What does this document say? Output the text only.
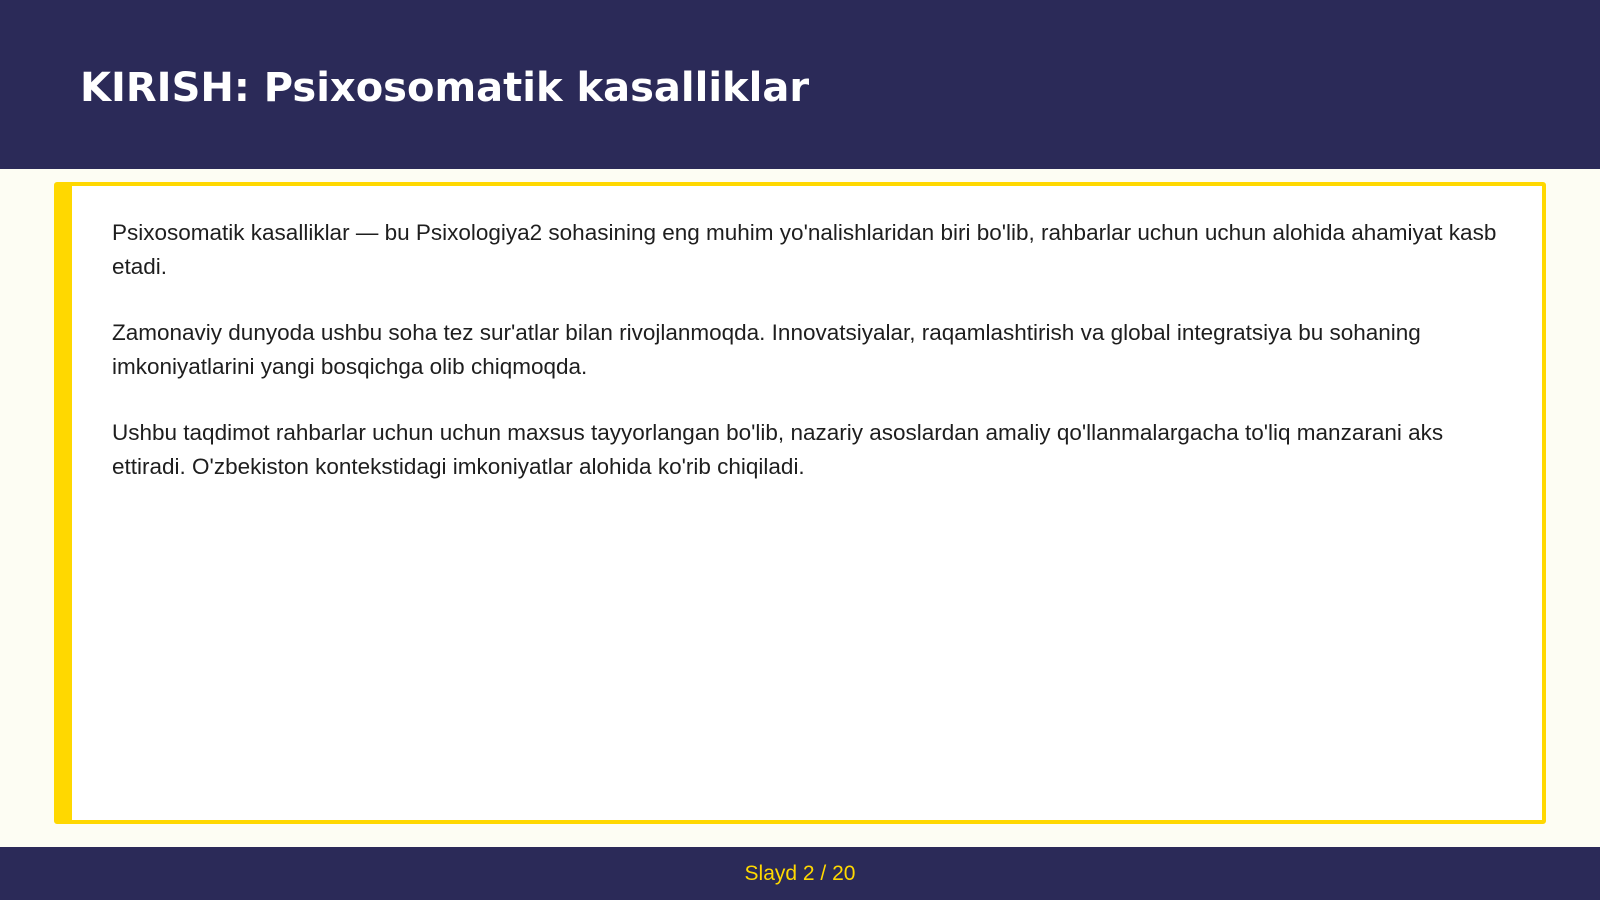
KIRISH: Psixosomatik kasalliklar

Psixosomatik kasalliklar — bu Psixologiya2 sohasining eng muhim yo'nalishlaridan biri bo'lib, rahbarlar uchun uchun alohida ahamiyat kasb etadi.

Zamonaviy dunyoda ushbu soha tez sur'atlar bilan rivojlanmoqda. Innovatsiyalar, raqamlashtirish va global integratsiya bu sohaning imkoniyatlarini yangi bosqichga olib chiqmoqda.

Ushbu taqdimot rahbarlar uchun uchun maxsus tayyorlangan bo'lib, nazariy asoslardan amaliy qo'llanmalargacha to'liq manzarani aks ettiradi. O'zbekiston kontekstidagi imkoniyatlar alohida ko'rib chiqiladi.

Slayd 2 / 20
